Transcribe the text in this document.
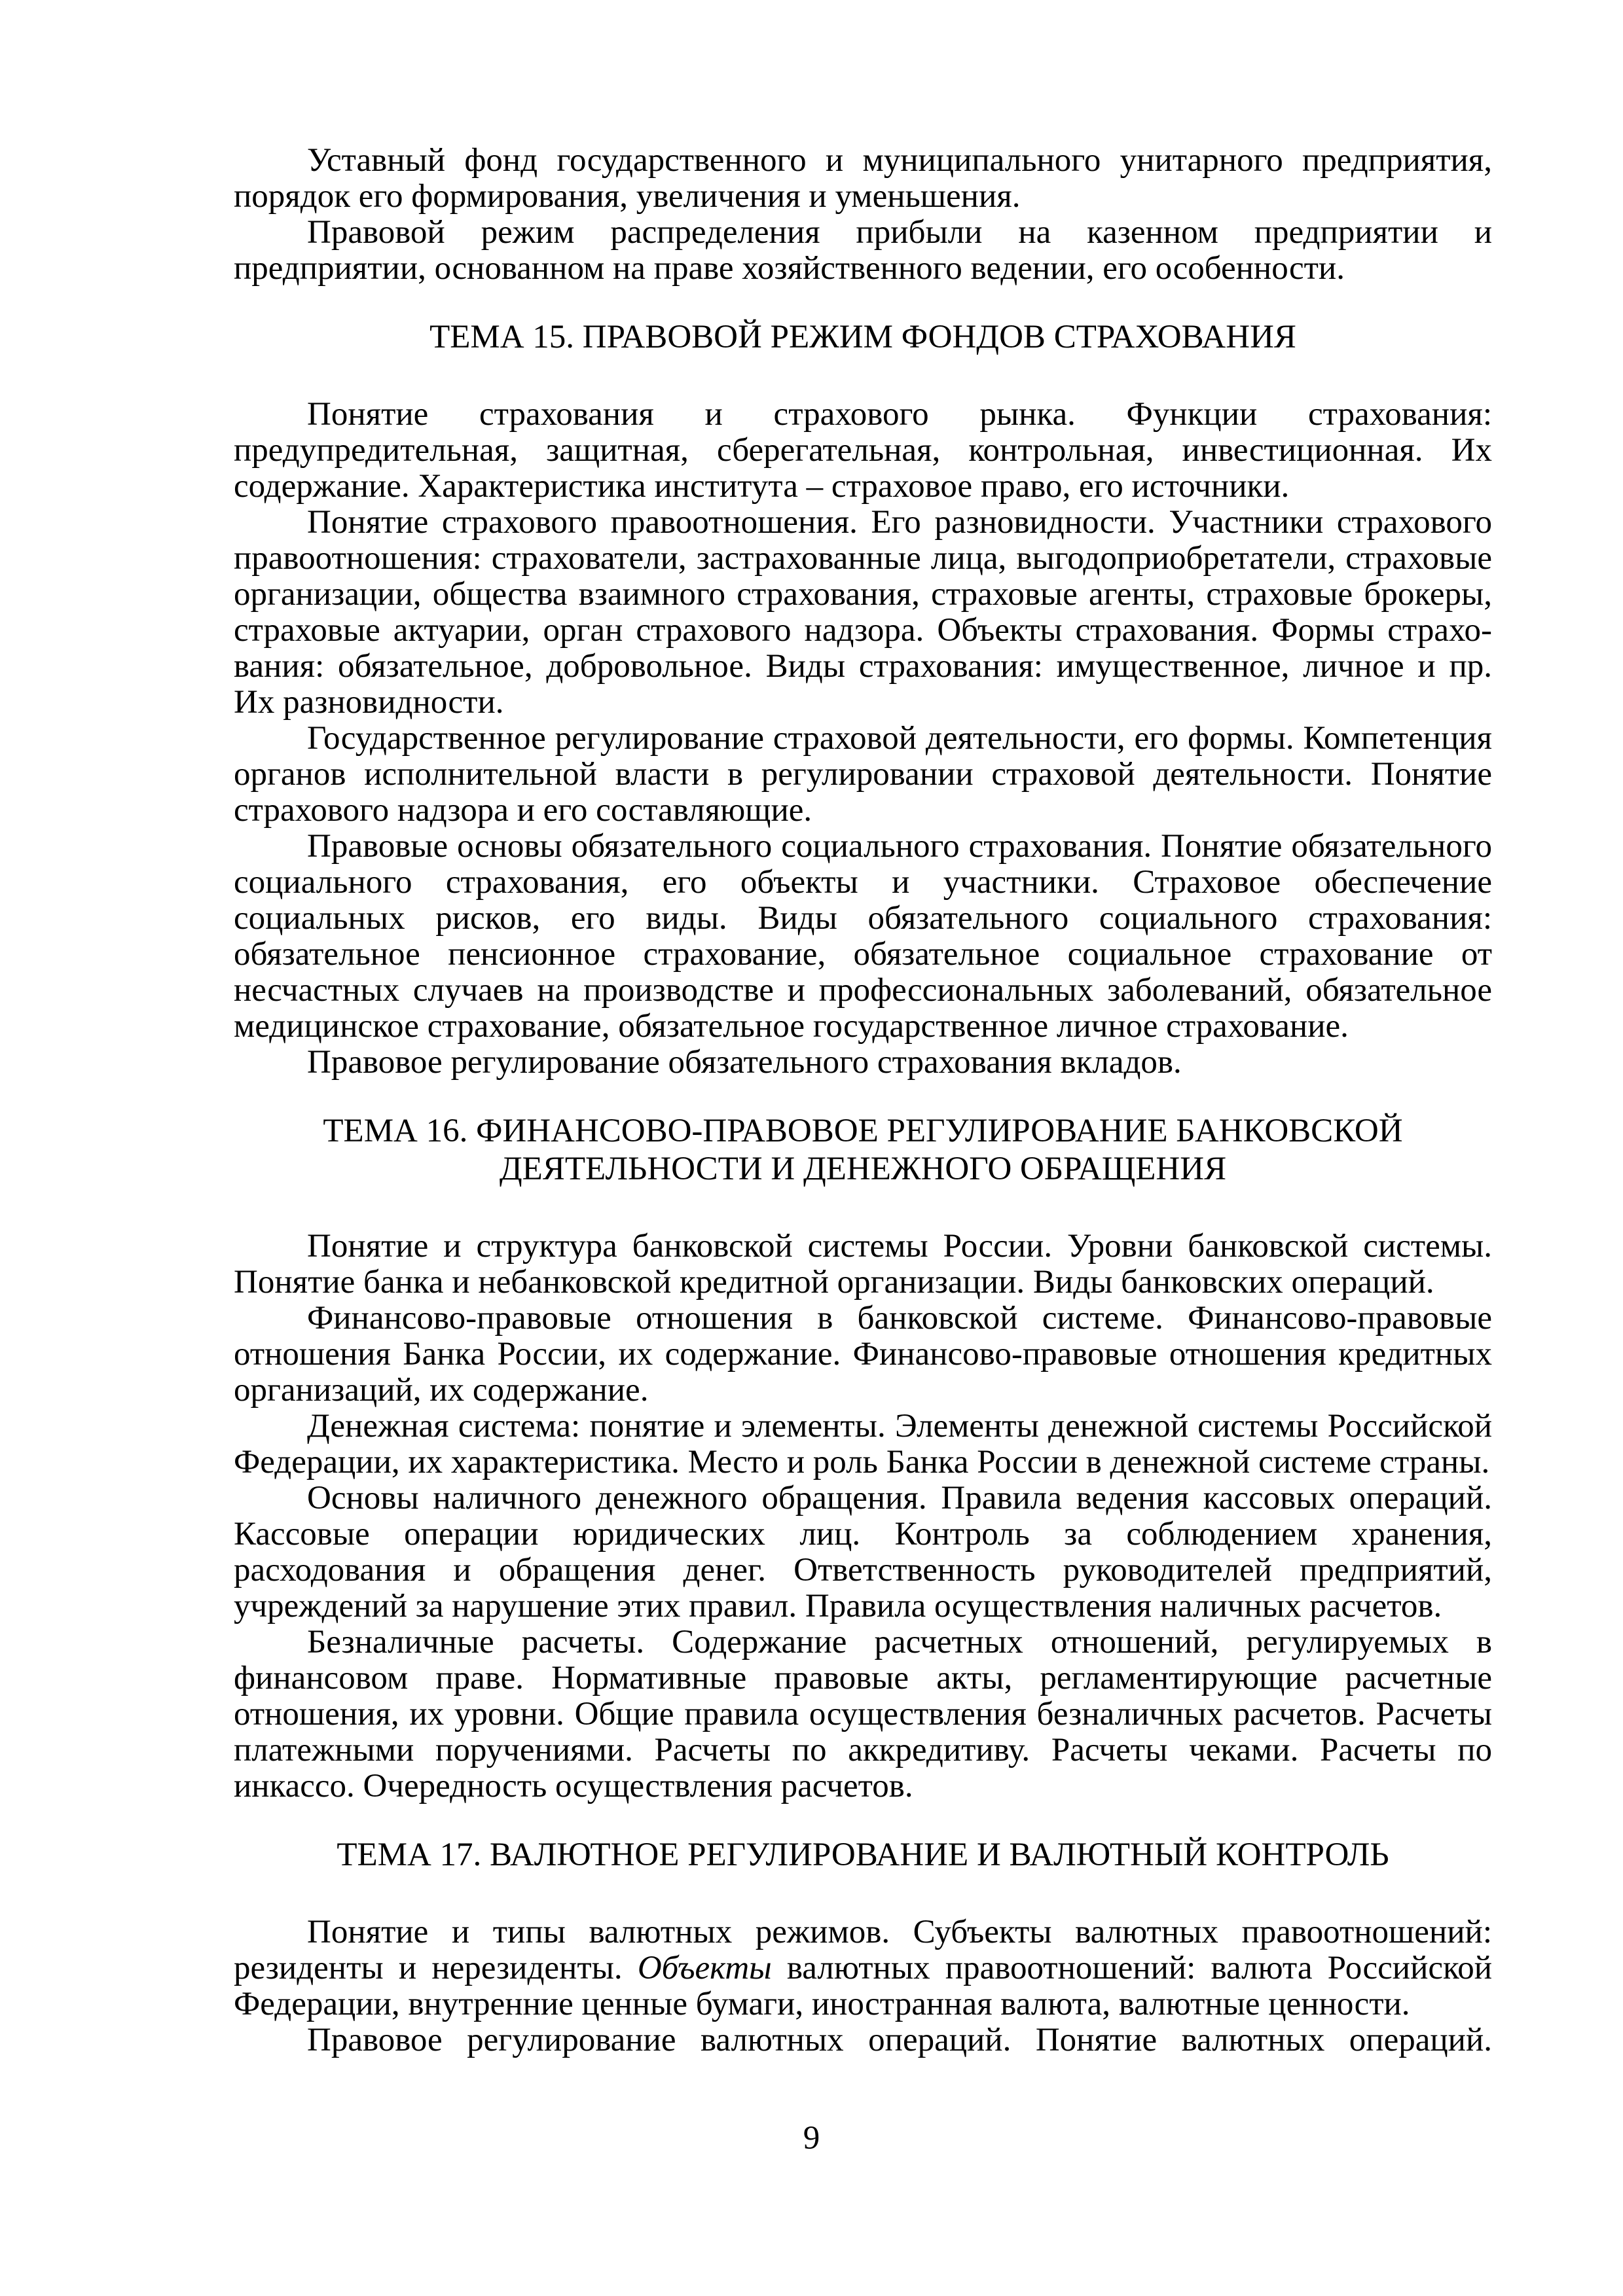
Уставный фонд государственного и муниципального унитарного предприятия, порядок его формирования, увеличения и уменьшения.

Правовой режим распределения прибыли на казенном предприятии и предприятии, основанном на праве хозяйственного ведении, его особенности.

ТЕМА 15. ПРАВОВОЙ РЕЖИМ ФОНДОВ СТРАХОВАНИЯ

Понятие страхования и страхового рынка. Функции страхования: предупредительная, защитная, сберегательная, контрольная, инвестиционная. Их содержание. Характеристика института – страховое право, его источники.

Понятие страхового правоотношения. Его разновидности. Участники страхового правоотношения: страхователи, застрахованные лица, выгодоприобретатели, страховые организации, общества взаимного страхования, страховые агенты, страховые брокеры, страховые актуарии, орган страхового надзора. Объекты страхования. Формы страхо-вания: обязательное, добровольное. Виды страхования: имущественное, личное и пр. Их разновидности.

Государственное регулирование страховой деятельности, его формы. Компетенция органов исполнительной власти в регулировании страховой деятельности. Понятие страхового надзора и его составляющие.

Правовые основы обязательного социального страхования. Понятие обязательного социального страхования, его объекты и участники. Страховое обеспечение социальных рисков, его виды. Виды обязательного социального страхования: обязательное пенсионное страхование, обязательное социальное страхование от несчастных случаев на производстве и профессиональных заболеваний, обязательное медицинское страхование, обязательное государственное личное страхование.

Правовое регулирование обязательного страхования вкладов.

ТЕМА 16. ФИНАНСОВО-ПРАВОВОЕ РЕГУЛИРОВАНИЕ БАНКОВСКОЙ
ДЕЯТЕЛЬНОСТИ И ДЕНЕЖНОГО ОБРАЩЕНИЯ

Понятие и структура банковской системы России. Уровни банковской системы. Понятие банка и небанковской кредитной организации. Виды банковских операций.

Финансово-правовые отношения в банковской системе. Финансово-правовые отношения Банка России, их содержание. Финансово-правовые отношения кредитных организаций, их содержание.

Денежная система: понятие и элементы. Элементы денежной системы Российской Федерации, их характеристика. Место и роль Банка России в денежной системе страны.

Основы наличного денежного обращения. Правила ведения кассовых операций. Кассовые операции юридических лиц. Контроль за соблюдением хранения, расходования и обращения денег. Ответственность руководителей предприятий, учреждений за нарушение этих правил. Правила осуществления наличных расчетов.

Безналичные расчеты. Содержание расчетных отношений, регулируемых в финансовом праве. Нормативные правовые акты, регламентирующие расчетные отношения, их уровни. Общие правила осуществления безналичных расчетов. Расчеты платежными поручениями. Расчеты по аккредитиву. Расчеты чеками. Расчеты по инкассо. Очередность осуществления расчетов.

ТЕМА 17. ВАЛЮТНОЕ РЕГУЛИРОВАНИЕ И ВАЛЮТНЫЙ КОНТРОЛЬ

Понятие и типы валютных режимов. Субъекты валютных правоотношений: резиденты и нерезиденты. Объекты валютных правоотношений: валюта Российской Федерации, внутренние ценные бумаги, иностранная валюта, валютные ценности.

Правовое регулирование валютных операций. Понятие валютных операций.

9
